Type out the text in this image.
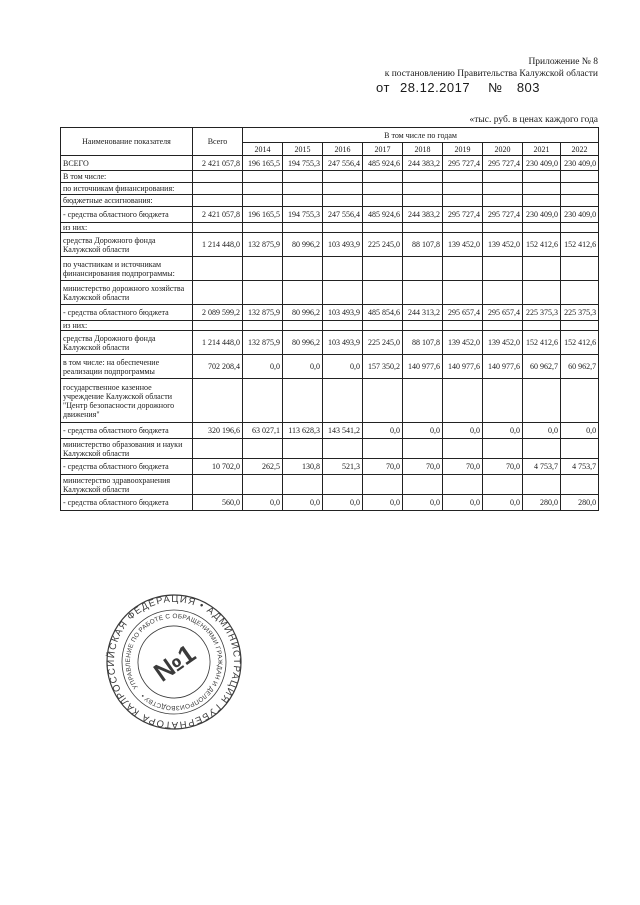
Приложение № 8
к постановлению Правительства Калужской области
от 28.12.2017 № 803
«тыс. руб. в ценах каждого года
Наименование показателя	Всего	В том числе по годам								
		2014	2015	2016	2017	2018	2019	2020	2021	2022
ВСЕГО	2 421 057,8	196 165,5	194 755,3	247 556,4	485 924,6	244 383,2	295 727,4	295 727,4	230 409,0	230 409,0
В том числе:										
по источникам финансирования:										
бюджетные ассигнования:										
- средства областного бюджета	2 421 057,8	196 165,5	194 755,3	247 556,4	485 924,6	244 383,2	295 727,4	295 727,4	230 409,0	230 409,0
из них:										
средства Дорожного фонда Калужской области	1 214 448,0	132 875,9	80 996,2	103 493,9	225 245,0	88 107,8	139 452,0	139 452,0	152 412,6	152 412,6
по участникам и источникам финансирования подпрограммы:										
министерство дорожного хозяйства Калужской области										
- средства областного бюджета	2 089 599,2	132 875,9	80 996,2	103 493,9	485 854,6	244 313,2	295 657,4	295 657,4	225 375,3	225 375,3
из них:										
средства Дорожного фонда Калужской области	1 214 448,0	132 875,9	80 996,2	103 493,9	225 245,0	88 107,8	139 452,0	139 452,0	152 412,6	152 412,6
в том числе: на обеспечение реализации подпрограммы	702 208,4	0,0	0,0	0,0	157 350,2	140 977,6	140 977,6	140 977,6	60 962,7	60 962,7
государственное казенное учреждение Калужской области "Центр безопасности дорожного движения"										
- средства областного бюджета	320 196,6	63 027,1	113 628,3	143 541,2	0,0	0,0	0,0	0,0	0,0	0,0
министерство образования и науки Калужской области										
- средства областного бюджета	10 702,0	262,5	130,8	521,3	70,0	70,0	70,0	70,0	4 753,7	4 753,7
министерство здравоохранения Калужской области										
- средства областного бюджета	560,0	0,0	0,0	0,0	0,0	0,0	0,0	0,0	280,0	280,0
РОССИЙСКАЯ ФЕДЕРАЦИЯ • АДМИНИСТРАЦИЯ ГУБЕРНАТОРА КАЛУЖСКОЙ
УПРАВЛЕНИЕ ПО РАБОТЕ С ОБРАЩЕНИЯМИ ГРАЖДАН И ДЕЛОПРОИЗВОДСТВУ •
№1
